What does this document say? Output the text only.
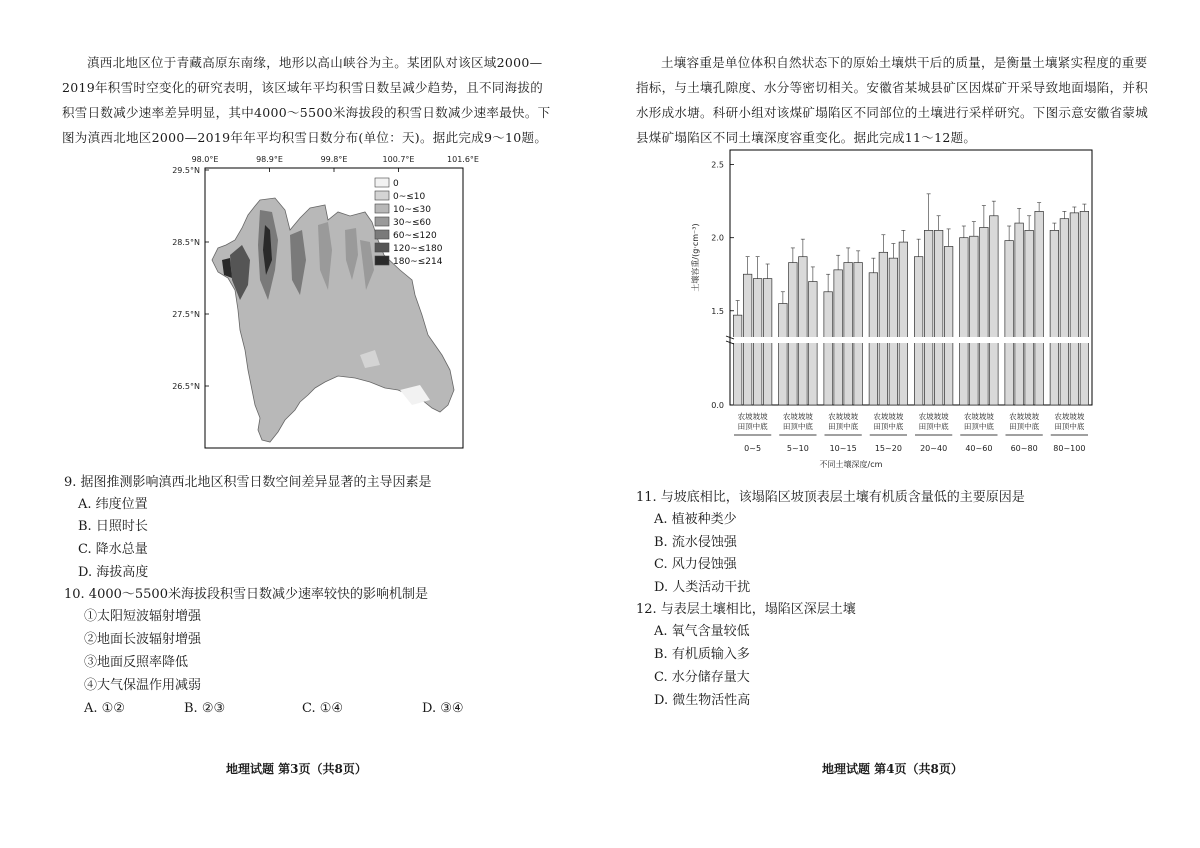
滇西北地区位于青藏高原东南缘，地形以高山峡谷为主。某团队对该区域2000—2019年积雪时空变化的研究表明，该区域年平均积雪日数呈减少趋势，且不同海拔的积雪日数减少速率差异明显，其中4000～5500米海拔段的积雪日数减少速率最快。下图为滇西北地区2000—2019年年平均积雪日数分布(单位：天)。据此完成9～10题。
98.0°E	98.9°E	99.8°E	100.7°E	101.6°E
29.5°N
28.5°N
27.5°N
26.5°N
0
0~≤10
10~≤30
30~≤60
60~≤120
120~≤180
180~≤214
9. 据图推测影响滇西北地区积雪日数空间差异显著的主导因素是
A. 纬度位置
B. 日照时长
C. 降水总量
D. 海拔高度
10. 4000～5500米海拔段积雪日数减少速率较快的影响机制是
①太阳短波辐射增强
②地面长波辐射增强
③地面反照率降低
④大气保温作用减弱
A. ①②	B. ②③	C. ①④	D. ③④
地理试题 第3页（共8页）
土壤容重是单位体积自然状态下的原始土壤烘干后的质量，是衡量土壤紧实程度的重要指标，与土壤孔隙度、水分等密切相关。安徽省某城县矿区因煤矿开采导致地面塌陷，并积水形成水塘。科研小组对该煤矿塌陷区不同部位的土壤进行采样研究。下图示意安徽省蒙城县煤矿塌陷区不同土壤深度容重变化。据此完成11～12题。
0.0
1.5
2.0
2.5
土壤容重/(g·cm⁻³)
农坡坡坡
田顶中底
0~5
农坡坡坡
田顶中底
5~10
农坡坡坡
田顶中底
10~15
农坡坡坡
田顶中底
15~20
农坡坡坡
田顶中底
20~40
农坡坡坡
田顶中底
40~60
农坡坡坡
田顶中底
60~80
农坡坡坡
田顶中底
80~100
不同土壤深度/cm
11. 与坡底相比，该塌陷区坡顶表层土壤有机质含量低的主要原因是
A. 植被种类少
B. 流水侵蚀强
C. 风力侵蚀强
D. 人类活动干扰
12. 与表层土壤相比，塌陷区深层土壤
A. 氧气含量较低
B. 有机质输入多
C. 水分储存量大
D. 微生物活性高
地理试题 第4页（共8页）
